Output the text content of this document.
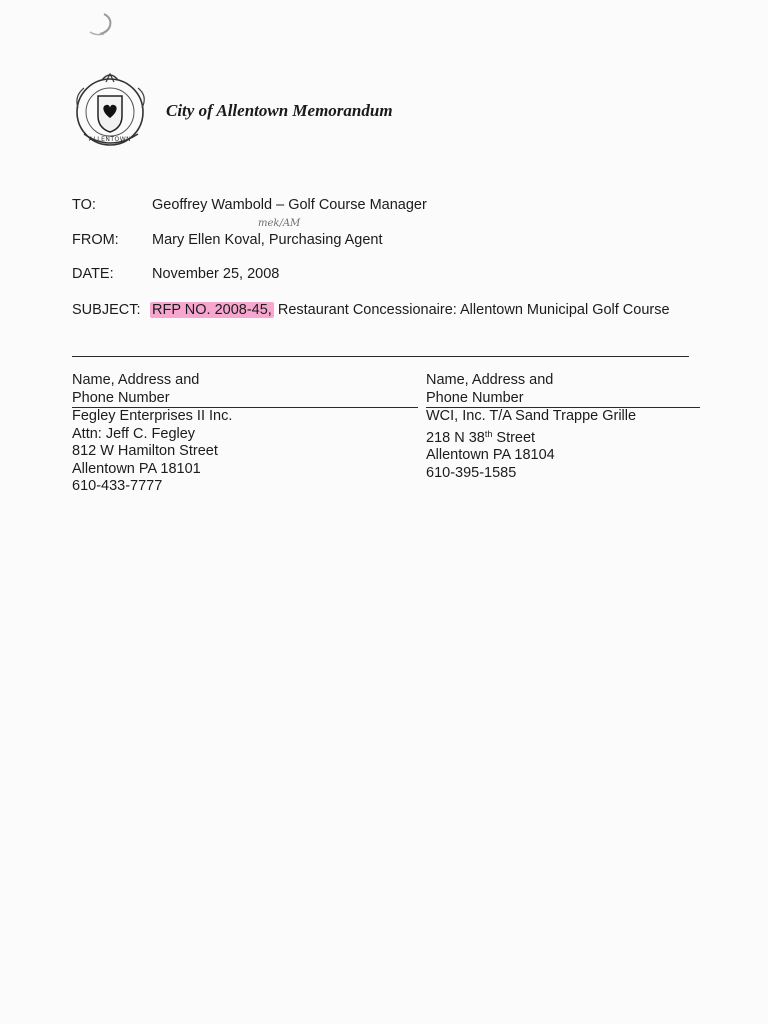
ALLENTOWN
City of Allentown Memorandum
TO:	Geoffrey Wambold – Golf Course Manager
mek/AM
FROM: Mary Ellen Koval, Purchasing Agent
DATE:	November 25, 2008
SUBJECT: RFP NO. 2008-45, Restaurant Concessionaire: Allentown Municipal Golf Course
Name, Address and
Phone Number
Fegley Enterprises II Inc.
Attn: Jeff C. Fegley
812 W Hamilton Street
Allentown PA 18101
610-433-7777
Name, Address and
Phone Number
WCI, Inc. T/A Sand Trappe Grille
218 N 38th Street
Allentown PA 18104
610-395-1585
